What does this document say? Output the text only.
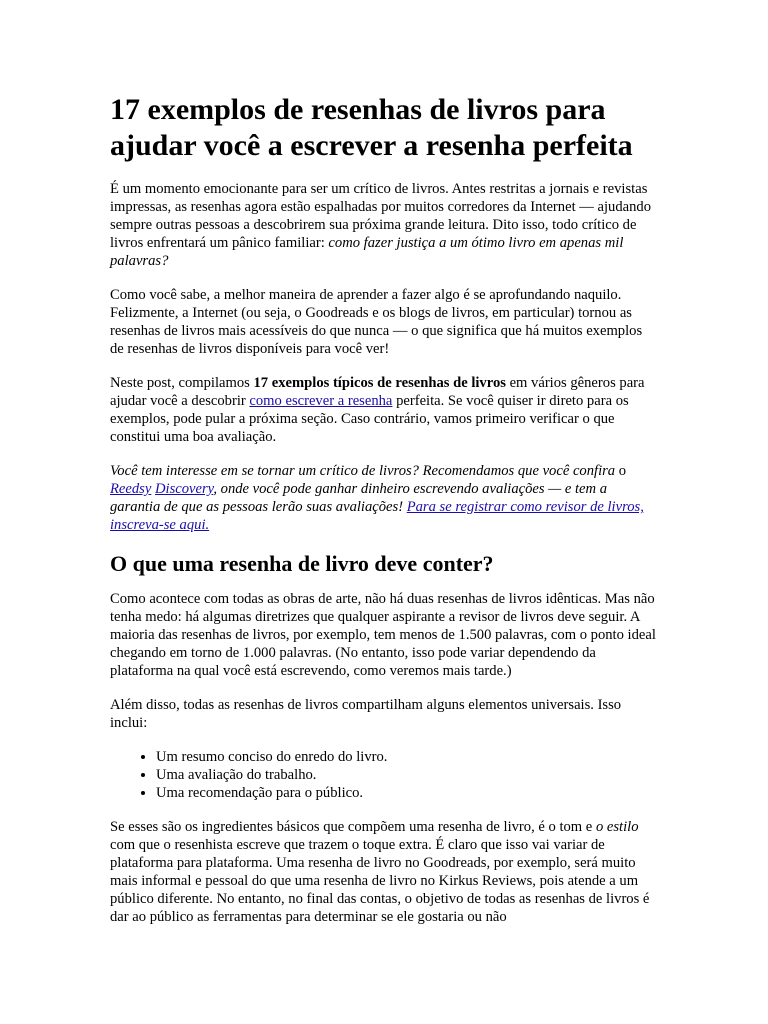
17 exemplos de resenhas de livros para ajudar você a escrever a resenha perfeita

É um momento emocionante para ser um crítico de livros. Antes restritas a jornais e revistas impressas, as resenhas agora estão espalhadas por muitos corredores da Internet — ajudando sempre outras pessoas a descobrirem sua próxima grande leitura. Dito isso, todo crítico de livros enfrentará um pânico familiar: como fazer justiça a um ótimo livro em apenas mil palavras?

Como você sabe, a melhor maneira de aprender a fazer algo é se aprofundando naquilo. Felizmente, a Internet (ou seja, o Goodreads e os blogs de livros, em particular) tornou as resenhas de livros mais acessíveis do que nunca — o que significa que há muitos exemplos de resenhas de livros disponíveis para você ver!

Neste post, compilamos 17 exemplos típicos de resenhas de livros em vários gêneros para ajudar você a descobrir como escrever a resenha perfeita. Se você quiser ir direto para os exemplos, pode pular a próxima seção. Caso contrário, vamos primeiro verificar o que constitui uma boa avaliação.

Você tem interesse em se tornar um crítico de livros? Recomendamos que você confira o Reedsy Discovery, onde você pode ganhar dinheiro escrevendo avaliações — e tem a garantia de que as pessoas lerão suas avaliações! Para se registrar como revisor de livros, inscreva-se aqui.

O que uma resenha de livro deve conter?

Como acontece com todas as obras de arte, não há duas resenhas de livros idênticas. Mas não tenha medo: há algumas diretrizes que qualquer aspirante a revisor de livros deve seguir. A maioria das resenhas de livros, por exemplo, tem menos de 1.500 palavras, com o ponto ideal chegando em torno de 1.000 palavras. (No entanto, isso pode variar dependendo da plataforma na qual você está escrevendo, como veremos mais tarde.)

Além disso, todas as resenhas de livros compartilham alguns elementos universais. Isso inclui:

• Um resumo conciso do enredo do livro.
• Uma avaliação do trabalho.
• Uma recomendação para o público.

Se esses são os ingredientes básicos que compõem uma resenha de livro, é o tom e o estilo com que o resenhista escreve que trazem o toque extra. É claro que isso vai variar de plataforma para plataforma. Uma resenha de livro no Goodreads, por exemplo, será muito mais informal e pessoal do que uma resenha de livro no Kirkus Reviews, pois atende a um público diferente. No entanto, no final das contas, o objetivo de todas as resenhas de livros é dar ao público as ferramentas para determinar se ele gostaria ou não
